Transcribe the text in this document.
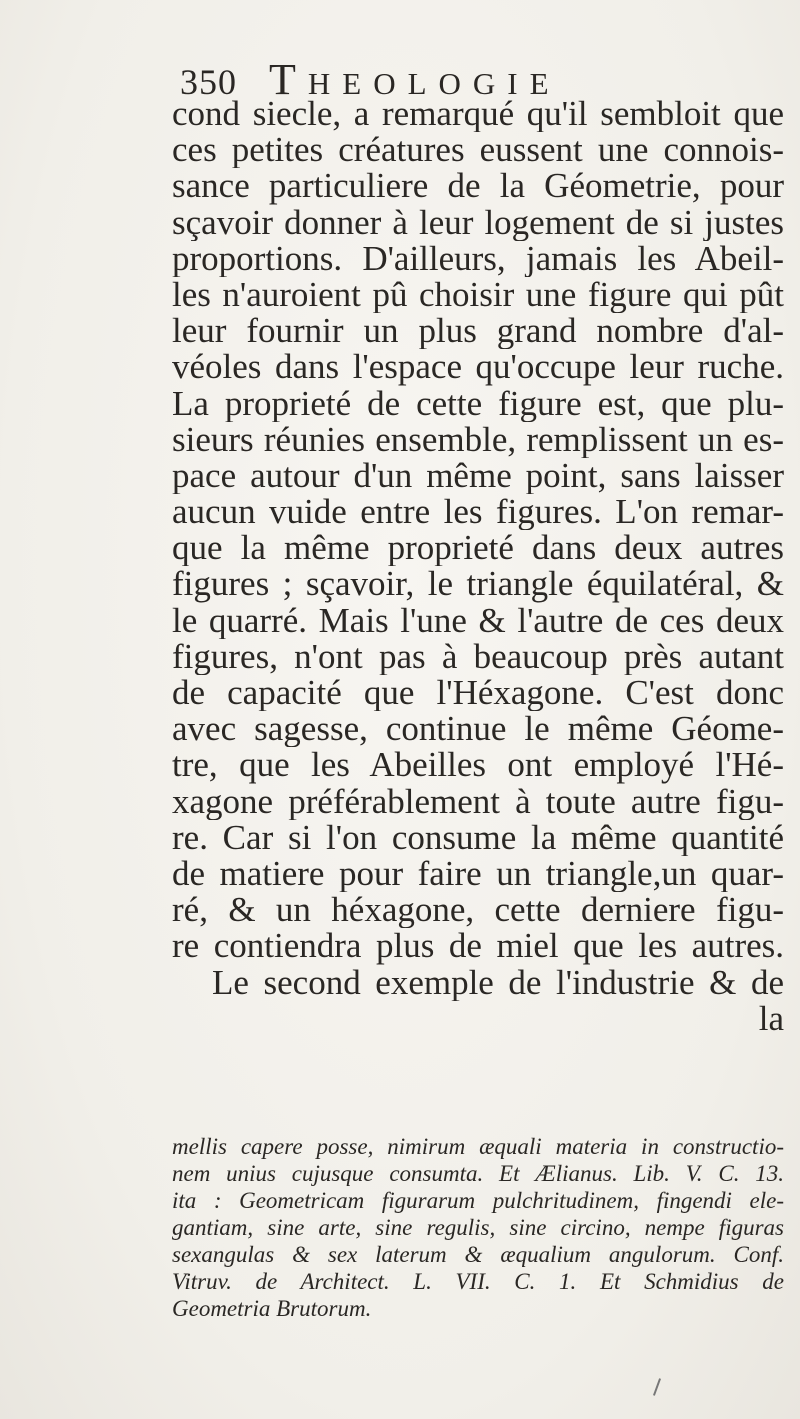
350 Theologie
cond siecle, a remarqué qu'il sembloit que
ces petites créatures eussent une connois-
sance particuliere de la Géometrie, pour
sçavoir donner à leur logement de si justes
proportions. D'ailleurs, jamais les Abeil-
les n'auroient pû choisir une figure qui pût
leur fournir un plus grand nombre d'al-
véoles dans l'espace qu'occupe leur ruche.
La proprieté de cette figure est, que plu-
sieurs réunies ensemble, remplissent un es-
pace autour d'un même point, sans laisser
aucun vuide entre les figures. L'on remar-
que la même proprieté dans deux autres
figures ; sçavoir, le triangle équilatéral, &
le quarré. Mais l'une & l'autre de ces deux
figures, n'ont pas à beaucoup près autant
de capacité que l'Héxagone. C'est donc
avec sagesse, continue le même Géome-
tre, que les Abeilles ont employé l'Hé-
xagone préférablement à toute autre figu-
re. Car si l'on consume la même quantité
de matiere pour faire un triangle,un quar-
ré, & un héxagone, cette derniere figu-
re contiendra plus de miel que les autres.
Le second exemple de l'industrie & de
la
mellis capere posse, nimirum æquali materia in constructio-
nem unius cujusque consumta. Et Ælianus. Lib. V. C. 13.
ita : Geometricam figurarum pulchritudinem, fingendi ele-
gantiam, sine arte, sine regulis, sine circino, nempe figuras
sexangulas & sex laterum & æqualium angulorum. Conf.
Vitruv. de Architect. L. VII. C. 1. Et Schmidius de
Geometria Brutorum.
